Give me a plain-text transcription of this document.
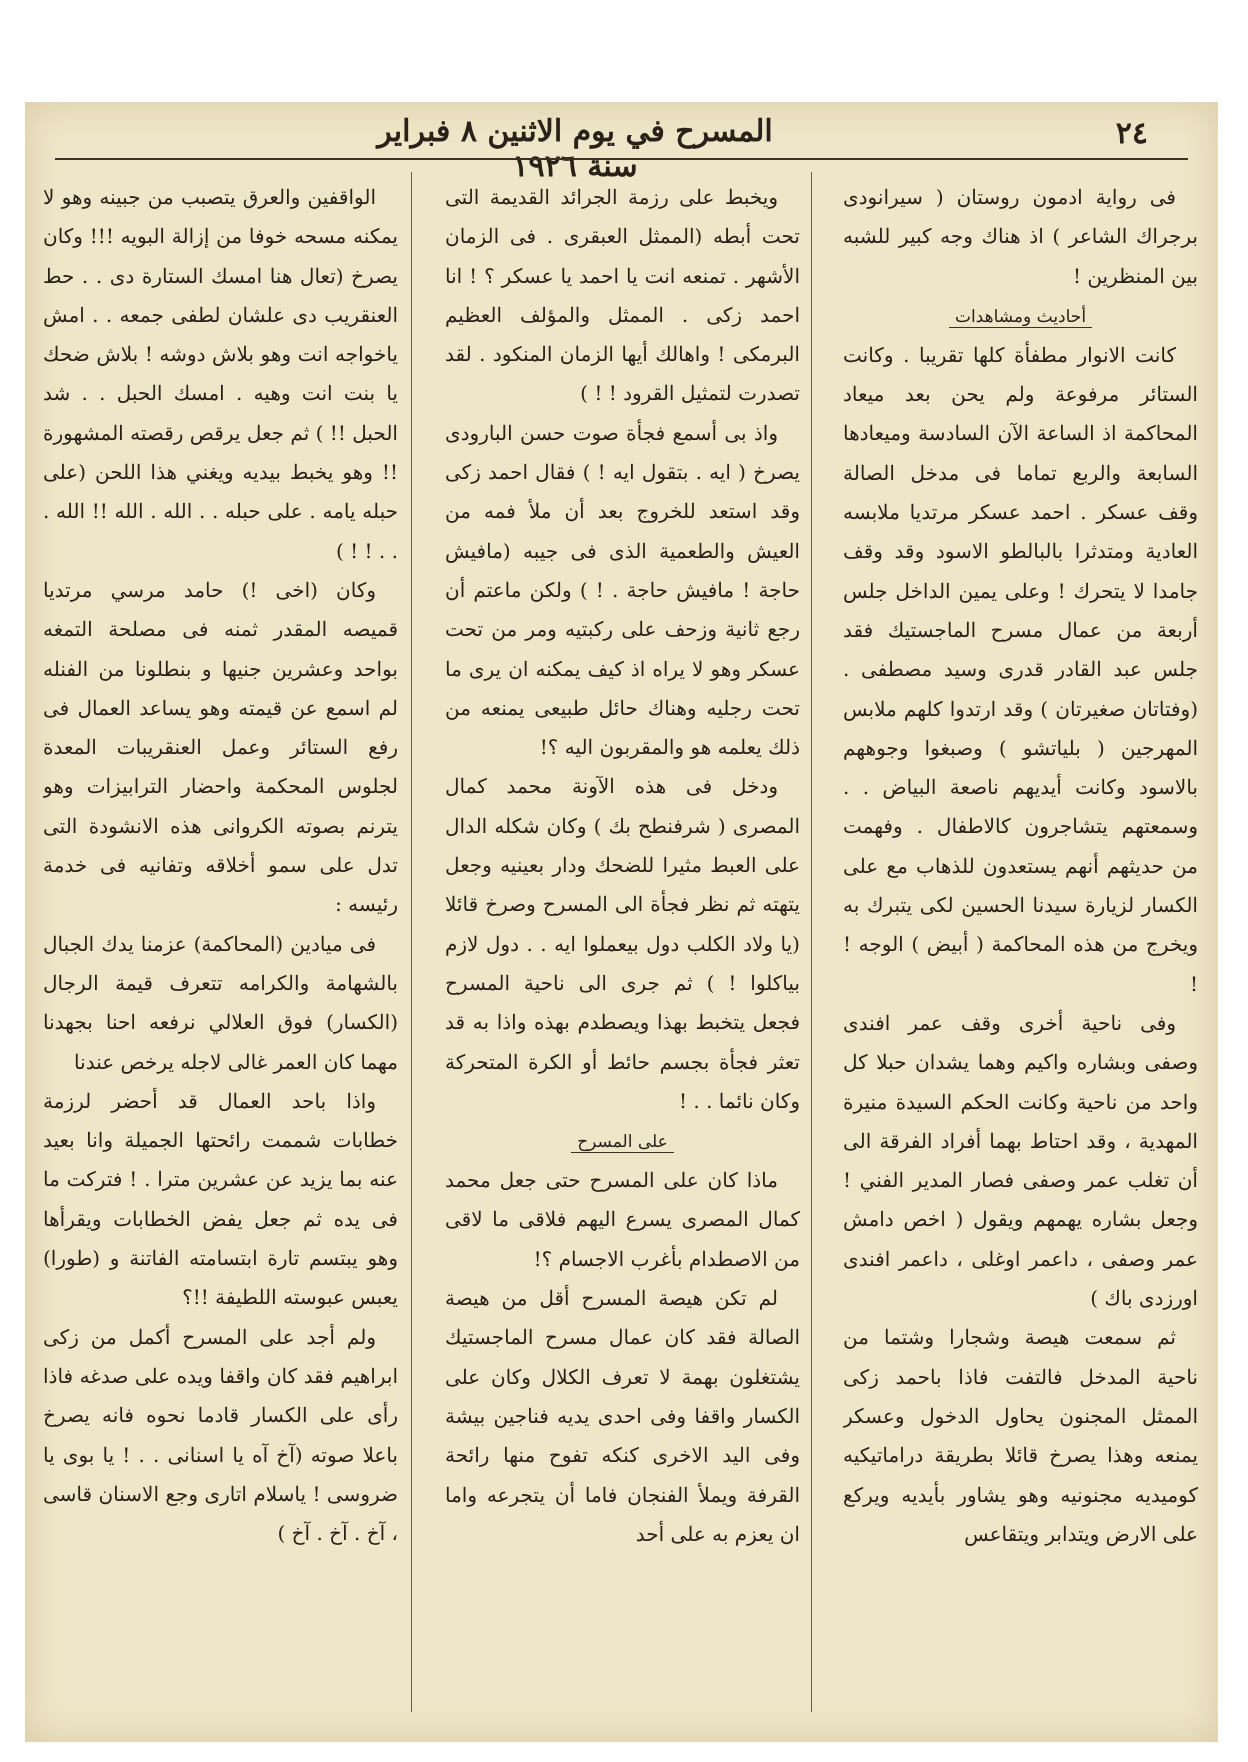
٢٤
المسرح في يوم الاثنين ٨ فبراير سنة ١٩٢٦

فى رواية ادمون روستان ( سيرانودى برجراك الشاعر ) اذ هناك وجه كبير للشبه بين المنظرين !

أحاديث ومشاهدات

كانت الانوار مطفأة كلها تقريبا . وكانت الستائر مرفوعة ولم يحن بعد ميعاد المحاكمة اذ الساعة الآن السادسة وميعادها السابعة والربع تماما فى مدخل الصالة وقف عسكر . احمد عسكر مرتديا ملابسه العادية ومتدثرا بالبالطو الاسود وقد وقف جامدا لا يتحرك ! وعلى يمين الداخل جلس أربعة من عمال مسرح الماجستيك فقد جلس عبد القادر قدرى وسيد مصطفى . (وفتاتان صغيرتان ) وقد ارتدوا كلهم ملابس المهرجين ( بلياتشو ) وصبغوا وجوههم بالاسود وكانت أيديهم ناصعة البياض . . وسمعتهم يتشاجرون كالاطفال . وفهمت من حديثهم أنهم يستعدون للذهاب مع على الكسار لزيارة سيدنا الحسين لكى يتبرك به ويخرج من هذه المحاكمة ( أبيض ) الوجه ! !

وفى ناحية أخرى وقف عمر افندى وصفى وبشاره واكيم وهما يشدان حبلا كل واحد من ناحية وكانت الحكم السيدة منيرة المهدية ، وقد احتاط بهما أفراد الفرقة الى أن تغلب عمر وصفى فصار المدير الفني ! وجعل بشاره يهمهم ويقول ( اخص دامش عمر وصفى ، داعمر اوغلى ، داعمر افندى اورزدى باك )

ثم سمعت هيصة وشجارا وشتما من ناحية المدخل فالتفت فاذا باحمد زكى الممثل المجنون يحاول الدخول وعسكر يمنعه وهذا يصرخ قائلا بطريقة دراماتيكيه كوميديه مجنونيه وهو يشاور بأيديه ويركع على الارض ويتدابر ويتقاعس

ويخبط على رزمة الجرائد القديمة التى تحت أبطه (الممثل العبقرى . فى الزمان الأشهر . تمنعه انت يا احمد يا عسكر ؟ ! انا احمد زكى . الممثل والمؤلف العظيم البرمكى ! واهالك أيها الزمان المنكود . لقد تصدرت لتمثيل القرود ! ! )

واذ بى أسمع فجأة صوت حسن البارودى يصرخ ( ايه . بتقول ايه ! ) فقال احمد زكى وقد استعد للخروج بعد أن ملأ فمه من العيش والطعمية الذى فى جيبه (مافيش حاجة ! مافيش حاجة . ! ) ولكن ماعتم أن رجع ثانية وزحف على ركبتيه ومر من تحت عسكر وهو لا يراه اذ كيف يمكنه ان يرى ما تحت رجليه وهناك حائل طبيعى يمنعه من ذلك يعلمه هو والمقربون اليه ؟!

ودخل فى هذه الآونة محمد كمال المصرى ( شرفنطح بك ) وكان شكله الدال على العبط مثيرا للضحك ودار بعينيه وجعل يتهته ثم نظر فجأة الى المسرح وصرخ قائلا (يا ولاد الكلب دول بيعملوا ايه . . دول لازم بياكلوا ! ) ثم جرى الى ناحية المسرح فجعل يتخبط بهذا ويصطدم بهذه واذا به قد تعثر فجأة بجسم حائط أو الكرة المتحركة وكان نائما . . !

على المسرح

ماذا كان على المسرح حتى جعل محمد كمال المصرى يسرع اليهم فلاقى ما لاقى من الاصطدام بأغرب الاجسام ؟!

لم تكن هيصة المسرح أقل من هيصة الصالة فقد كان عمال مسرح الماجستيك يشتغلون بهمة لا تعرف الكلال وكان على الكسار واقفا وفى احدى يديه فناجين بيشة وفى اليد الاخرى كنكه تفوح منها رائحة القرفة ويملأ الفنجان فاما أن يتجرعه واما ان يعزم به على أحد

الواقفين والعرق يتصبب من جبينه وهو لا يمكنه مسحه خوفا من إزالة البويه !!! وكان يصرخ (تعال هنا امسك الستارة دى . . حط العنقريب دى علشان لطفى جمعه . . امش ياخواجه انت وهو بلاش دوشه ! بلاش ضحك يا بنت انت وهيه . امسك الحبل . . شد الحبل !! ) ثم جعل يرقص رقصته المشهورة !! وهو يخبط بيديه ويغني هذا اللحن (على حبله يامه . على حبله . . الله . الله !! الله . . . ! ! )

وكان (اخى !) حامد مرسي مرتديا قميصه المقدر ثمنه فى مصلحة التمغه بواحد وعشرين جنيها و بنطلونا من الفنله لم اسمع عن قيمته وهو يساعد العمال فى رفع الستائر وعمل العنقريبات المعدة لجلوس المحكمة واحضار الترابيزات وهو يترنم بصوته الكروانى هذه الانشودة التى تدل على سمو أخلاقه وتفانيه فى خدمة رئيسه :

فى ميادين (المحاكمة) عزمنا يدك الجبال بالشهامة والكرامه تتعرف قيمة الرجال (الكسار) فوق العلالي نرفعه احنا بجهدنا مهما كان العمر غالى لاجله يرخص عندنا

واذا باحد العمال قد أحضر لرزمة خطابات شممت رائحتها الجميلة وانا بعيد عنه بما يزيد عن عشرين مترا . ! فتركت ما فى يده ثم جعل يفض الخطابات ويقرأها وهو يبتسم تارة ابتسامته الفاتنة و (طورا) يعبس عبوسته اللطيفة !!؟

ولم أجد على المسرح أكمل من زكى ابراهيم فقد كان واقفا ويده على صدغه فاذا رأى على الكسار قادما نحوه فانه يصرخ باعلا صوته (آخ آه يا اسنانى . . ! يا بوى يا ضروسى ! ياسلام اتارى وجع الاسنان قاسى ، آخ . آخ . آخ )
